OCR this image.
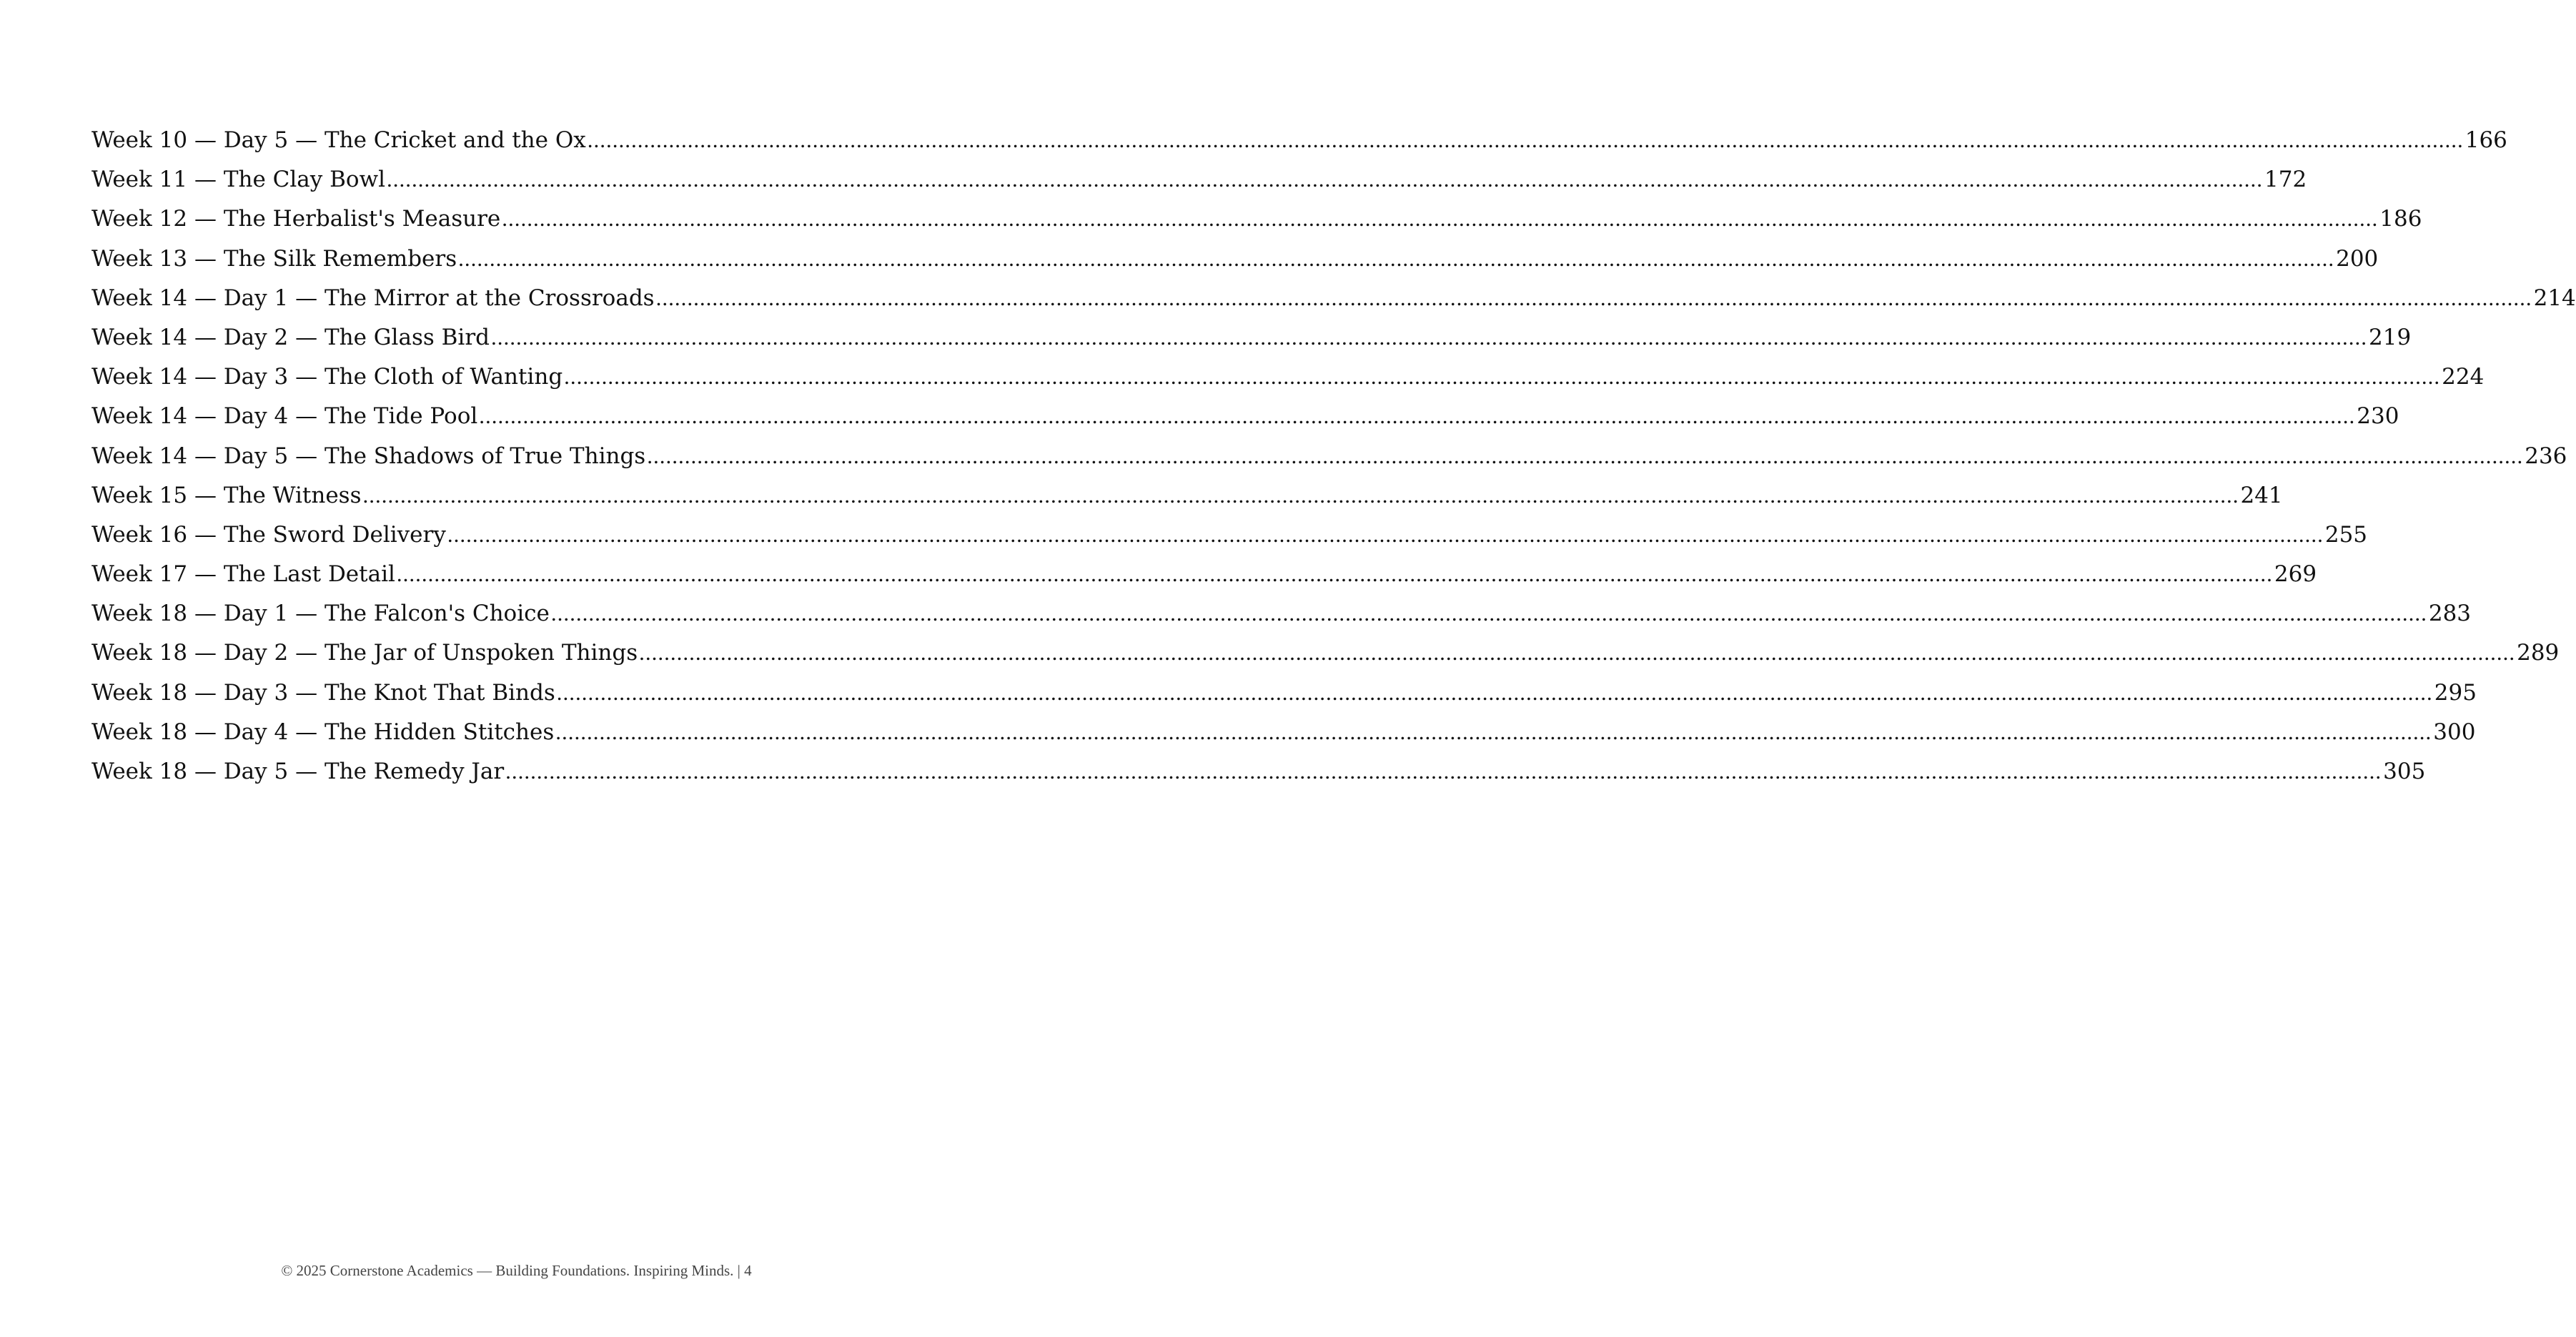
Week 10 — Day 5 — The Cricket and the Ox ............................................................................................................................................................................................................................................................................................................ 166
Week 11 — The Clay Bowl ............................................................................................................................................................................................................................................................................................................ 172
Week 12 — The Herbalist's Measure ............................................................................................................................................................................................................................................................................................................ 186
Week 13 — The Silk Remembers ............................................................................................................................................................................................................................................................................................................ 200
Week 14 — Day 1 — The Mirror at the Crossroads ............................................................................................................................................................................................................................................................................................................ 214
Week 14 — Day 2 — The Glass Bird ............................................................................................................................................................................................................................................................................................................ 219
Week 14 — Day 3 — The Cloth of Wanting ............................................................................................................................................................................................................................................................................................................ 224
Week 14 — Day 4 — The Tide Pool ............................................................................................................................................................................................................................................................................................................ 230
Week 14 — Day 5 — The Shadows of True Things ............................................................................................................................................................................................................................................................................................................ 236
Week 15 — The Witness ............................................................................................................................................................................................................................................................................................................ 241
Week 16 — The Sword Delivery ............................................................................................................................................................................................................................................................................................................ 255
Week 17 — The Last Detail ............................................................................................................................................................................................................................................................................................................ 269
Week 18 — Day 1 — The Falcon's Choice ............................................................................................................................................................................................................................................................................................................ 283
Week 18 — Day 2 — The Jar of Unspoken Things ............................................................................................................................................................................................................................................................................................................ 289
Week 18 — Day 3 — The Knot That Binds ............................................................................................................................................................................................................................................................................................................ 295
Week 18 — Day 4 — The Hidden Stitches ............................................................................................................................................................................................................................................................................................................ 300
Week 18 — Day 5 — The Remedy Jar ............................................................................................................................................................................................................................................................................................................ 305
© 2025 Cornerstone Academics — Building Foundations. Inspiring Minds. | 4
